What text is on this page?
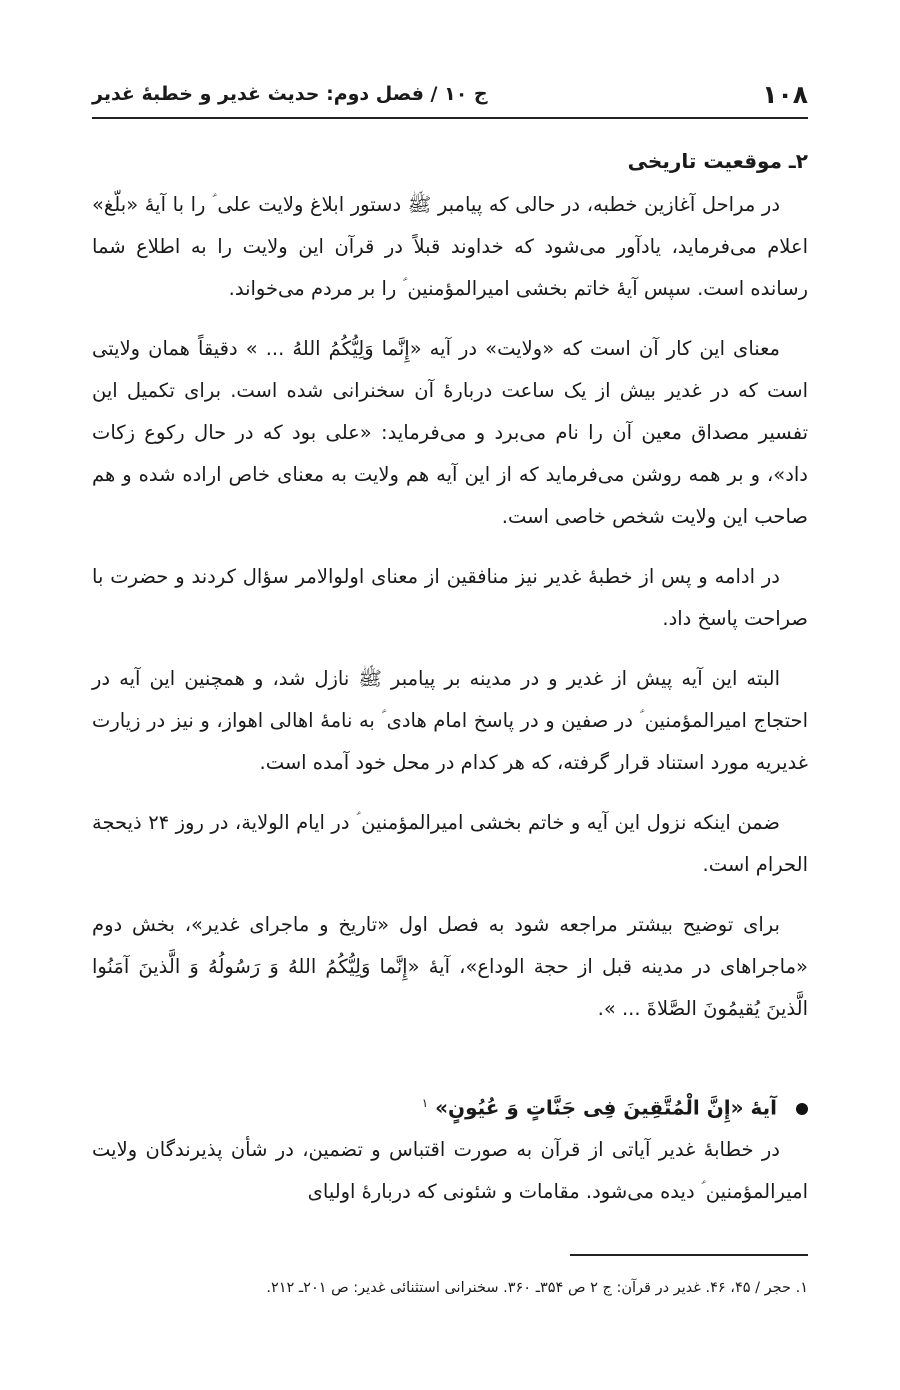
۱۰۸
ج ۱۰ / فصل دوم: حدیث غدیر و خطبهٔ غدیر
۲ـ موقعیت تاریخی

در مراحل آغازین خطبه، در حالی که پیامبر ﷺ دستور ابلاغ ولایت علی ؑ را با آیهٔ «بلّغ» اعلام می‌فرماید، یادآور می‌شود که خداوند قبلاً در قرآن این ولایت را به اطلاع شما رسانده است. سپس آیهٔ خاتم بخشی امیرالمؤمنین ؑ را بر مردم می‌خواند.

معنای این کار آن است که «ولایت» در آیه «إِنَّما وَلِیُّکُمُ اللهُ ... » دقیقاً همان ولایتی است که در غدیر بیش از یک ساعت دربارهٔ آن سخنرانی شده است. برای تکمیل این تفسیر مصداق معین آن را نام می‌برد و می‌فرماید: «علی بود که در حال رکوع زکات داد»، و بر همه روشن می‌فرماید که از این آیه هم ولایت به معنای خاص اراده شده و هم صاحب این ولایت شخص خاصی است.

در ادامه و پس از خطبهٔ غدیر نیز منافقین از معنای اولوالامر سؤال کردند و حضرت با صراحت پاسخ داد.

البته این آیه پیش از غدیر و در مدینه بر پیامبر ﷺ نازل شد، و همچنین این آیه در احتجاج امیرالمؤمنین ؑ در صفین و در پاسخ امام هادی ؑ به نامهٔ اهالی اهواز، و نیز در زیارت غدیریه مورد استناد قرار گرفته، که هر کدام در محل خود آمده است.

ضمن اینکه نزول این آیه و خاتم بخشی امیرالمؤمنین ؑ در ایام الولایة، در روز ۲۴ ذیحجة الحرام است.

برای توضیح بیشتر مراجعه شود به فصل اول «تاریخ و ماجرای غدیر»، بخش دوم «ماجراهای در مدینه قبل از حجة الوداع»، آیهٔ «إِنَّما وَلِیُّکُمُ اللهُ وَ رَسُولُهُ وَ الَّذینَ آمَنُوا الَّذینَ یُقیمُونَ الصَّلاةَ ... ».

آیهٔ «إِنَّ الْمُتَّقِینَ فِی جَنَّاتٍ وَ عُیُونٍ» $^۱$

در خطابهٔ غدیر آیاتی از قرآن به صورت اقتباس و تضمین، در شأن پذیرندگان ولایت امیرالمؤمنین ؑ دیده می‌شود. مقامات و شئونی که دربارهٔ اولیای

۱. حجر / ۴۵، ۴۶. غدیر در قرآن: ج ۲ ص ۳۵۴ـ ۳۶۰. سخنرانی استثنائی غدیر: ص ۲۰۱ـ ۲۱۲.
